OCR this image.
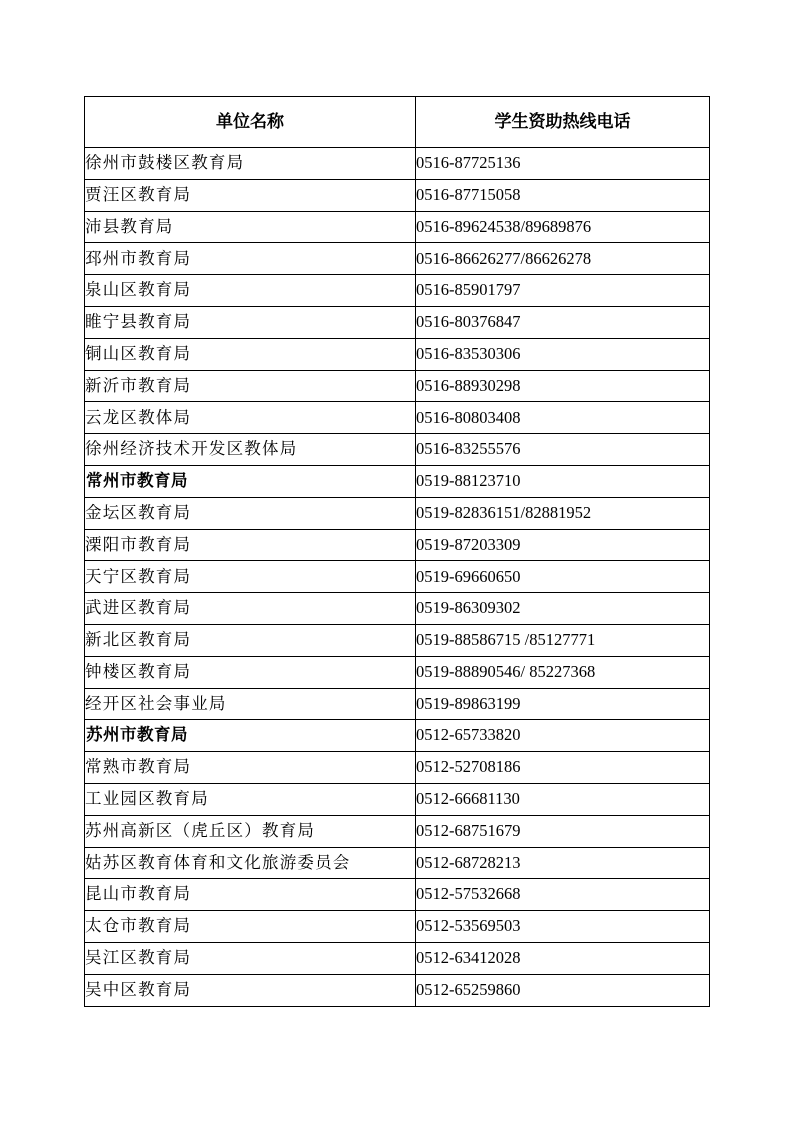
单位名称	学生资助热线电话
徐州市鼓楼区教育局	0516-87725136
贾汪区教育局	0516-87715058
沛县教育局	0516-89624538/89689876
邳州市教育局	0516-86626277/86626278
泉山区教育局	0516-85901797
睢宁县教育局	0516-80376847
铜山区教育局	0516-83530306
新沂市教育局	0516-88930298
云龙区教体局	0516-80803408
徐州经济技术开发区教体局	0516-83255576
常州市教育局	0519-88123710
金坛区教育局	0519-82836151/82881952
溧阳市教育局	0519-87203309
天宁区教育局	0519-69660650
武进区教育局	0519-86309302
新北区教育局	0519-88586715 /85127771
钟楼区教育局	0519-88890546/ 85227368
经开区社会事业局	0519-89863199
苏州市教育局	0512-65733820
常熟市教育局	0512-52708186
工业园区教育局	0512-66681130
苏州高新区（虎丘区）教育局	0512-68751679
姑苏区教育体育和文化旅游委员会	0512-68728213
昆山市教育局	0512-57532668
太仓市教育局	0512-53569503
吴江区教育局	0512-63412028
吴中区教育局	0512-65259860
